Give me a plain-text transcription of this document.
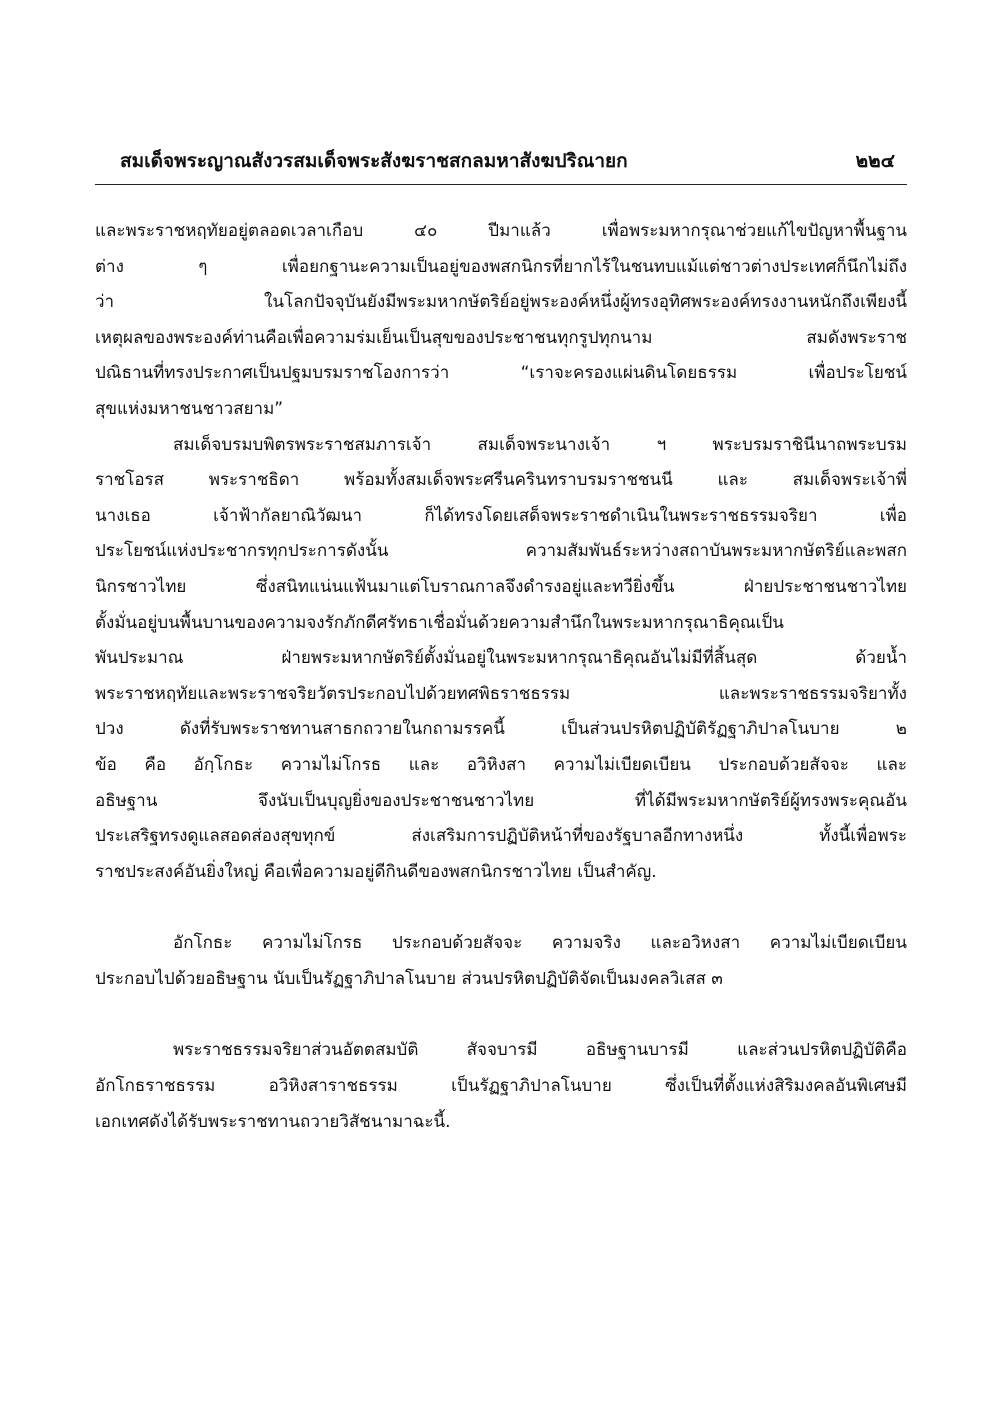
สมเด็จพระญาณสังวรสมเด็จพระสังฆราชสกลมหาสังฆปริณายก	๒๒๔
และพระราชหฤทัยอยู่ตลอดเวลาเกือบ ๔๐ ปีมาแล้ว เพื่อพระมหากรุณาช่วยแก้ไขปัญหาพื้นฐาน
ต่าง ๆ เพื่อยกฐานะความเป็นอยู่ของพสกนิกรที่ยากไร้ในชนทบแม้แต่ชาวต่างประเทศก็นึกไม่ถึง
ว่า ในโลกปัจจุบันยังมีพระมหากษัตริย์อยู่พระองค์หนึ่งผู้ทรงอุทิศพระองค์ทรงงานหนักถึงเพียงนี้
เหตุผลของพระองค์ท่านคือเพื่อความร่มเย็นเป็นสุขของประชาชนทุกรูปทุกนาม สมดังพระราช
ปณิธานที่ทรงประกาศเป็นปฐมบรมราชโองการว่า “เราจะครองแผ่นดินโดยธรรม เพื่อประโยชน์
สุขแห่งมหาชนชาวสยาม”
สมเด็จบรมบพิตรพระราชสมภารเจ้า สมเด็จพระนางเจ้า ฯ พระบรมราชินีนาถพระบรม
ราชโอรส พระราชธิดา พร้อมทั้งสมเด็จพระศรีนครินทราบรมราชชนนี และ สมเด็จพระเจ้าพี่
นางเธอ เจ้าฟ้ากัลยาณิวัฒนา ก็ได้ทรงโดยเสด็จพระราชดำเนินในพระราชธรรมจริยา เพื่อ
ประโยชน์แห่งประชากรทุกประการดังนั้น ความสัมพันธ์ระหว่างสถาบันพระมหากษัตริย์และพสก
นิกรชาวไทย ซึ่งสนิทแน่นแฟ้นมาแต่โบราณกาลจึงดำรงอยู่และทวียิ่งขึ้น ฝ่ายประชาชนชาวไทย
ตั้งมั่นอยู่บนพื้นบานของความจงรักภักดีศรัทธาเชื่อมั่นด้วยความสำนึกในพระมหากรุณาธิคุณเป็น
พันประมาณ ฝ่ายพระมหากษัตริย์ตั้งมั่นอยู่ในพระมหากรุณาธิคุณอันไม่มีที่สิ้นสุด ด้วยน้ำ
พระราชหฤทัยและพระราชจริยวัตรประกอบไปด้วยทศพิธราชธรรม และพระราชธรรมจริยาทั้ง
ปวง ดังที่รับพระราชทานสาธกถวายในกถามรรคนี้ เป็นส่วนปรหิตปฏิบัติรัฏฐาภิปาลโนบาย ๒
ข้อ คือ อักฺโกธะ ความไม่โกรธ และ อวิหิงสา ความไม่เบียดเบียน ประกอบด้วยสัจจะ และ
อธิษฐาน จึงนับเป็นบุญยิ่งของประชาชนชาวไทย ที่ได้มีพระมหากษัตริย์ผู้ทรงพระคุณอัน
ประเสริฐทรงดูแลสอดส่องสุขทุกข์ ส่งเสริมการปฏิบัติหน้าที่ของรัฐบาลอีกทางหนึ่ง ทั้งนี้เพื่อพระ
ราชประสงค์อันยิ่งใหญ่ คือเพื่อความอยู่ดีกินดีของพสกนิกรชาวไทย เป็นสำคัญ.
อักโกธะ ความไม่โกรธ ประกอบด้วยสัจจะ ความจริง และอวิหงสา ความไม่เบียดเบียน
ประกอบไปด้วยอธิษฐาน นับเป็นรัฏฐาภิปาลโนบาย ส่วนปรหิตปฏิบัติจัดเป็นมงคลวิเสส ๓
พระราชธรรมจริยาส่วนอัตตสมบัติ สัจจบารมี อธิษฐานบารมี และส่วนปรหิตปฏิบัติคือ
อักโกธราชธรรม อวิหิงสาราชธรรม เป็นรัฏฐาภิปาลโนบาย ซึ่งเป็นที่ตั้งแห่งสิริมงคลอันพิเศษมี
เอกเทศดังได้รับพระราชทานถวายวิสัชนามาฉะนี้.
